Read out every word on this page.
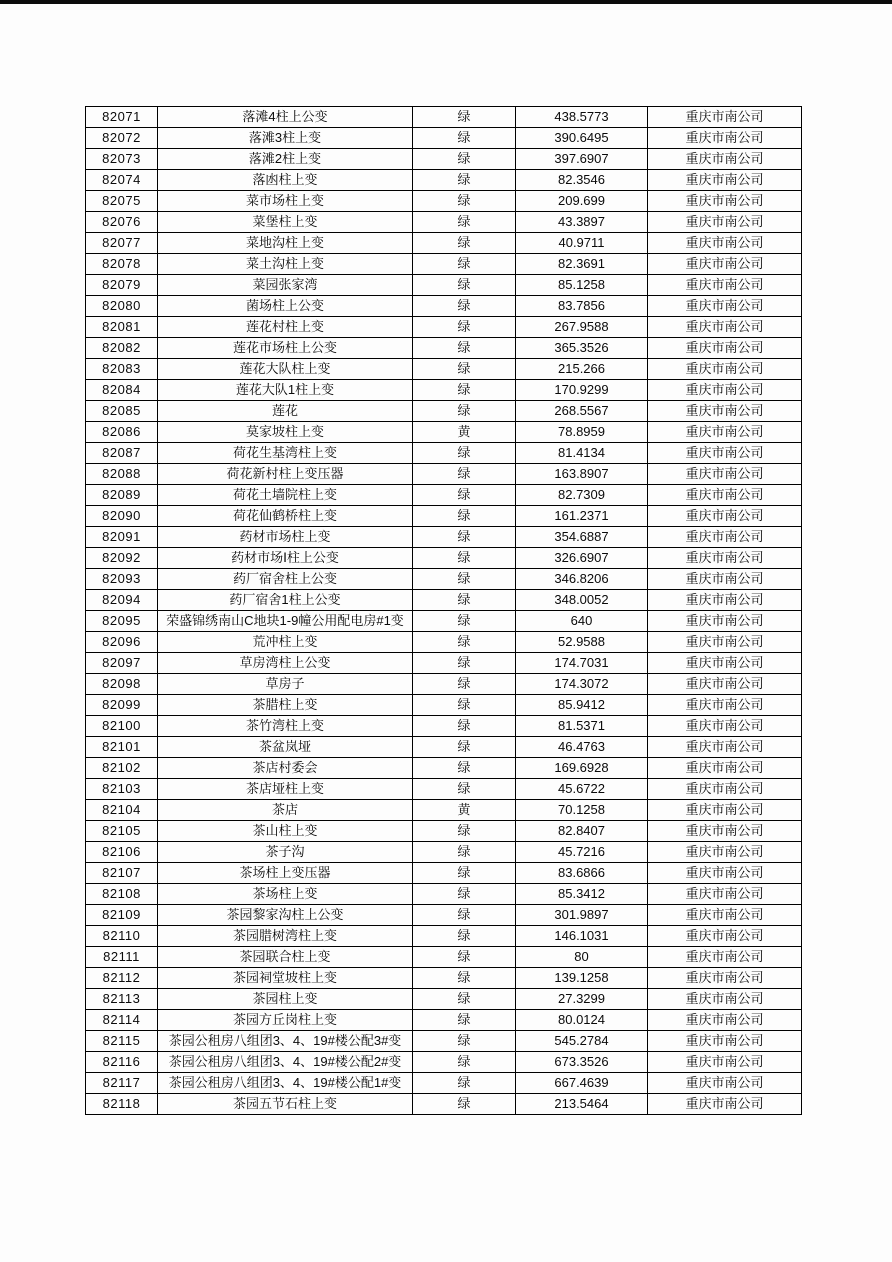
82071	落滩4柱上公变	绿	438.5773	重庆市南公司
82072	落滩3柱上变	绿	390.6495	重庆市南公司
82073	落滩2柱上变	绿	397.6907	重庆市南公司
82074	落凼柱上变	绿	82.3546	重庆市南公司
82075	菜市场柱上变	绿	209.699	重庆市南公司
82076	菜堡柱上变	绿	43.3897	重庆市南公司
82077	菜地沟柱上变	绿	40.9711	重庆市南公司
82078	菜土沟柱上变	绿	82.3691	重庆市南公司
82079	菜园张家湾	绿	85.1258	重庆市南公司
82080	菌场柱上公变	绿	83.7856	重庆市南公司
82081	莲花村柱上变	绿	267.9588	重庆市南公司
82082	莲花市场柱上公变	绿	365.3526	重庆市南公司
82083	莲花大队柱上变	绿	215.266	重庆市南公司
82084	莲花大队1柱上变	绿	170.9299	重庆市南公司
82085	莲花	绿	268.5567	重庆市南公司
82086	莫家坡柱上变	黄	78.8959	重庆市南公司
82087	荷花生基湾柱上变	绿	81.4134	重庆市南公司
82088	荷花新村柱上变压器	绿	163.8907	重庆市南公司
82089	荷花土墙院柱上变	绿	82.7309	重庆市南公司
82090	荷花仙鹤桥柱上变	绿	161.2371	重庆市南公司
82091	药材市场柱上变	绿	354.6887	重庆市南公司
82092	药材市场Ⅰ柱上公变	绿	326.6907	重庆市南公司
82093	药厂宿舍柱上公变	绿	346.8206	重庆市南公司
82094	药厂宿舍1柱上公变	绿	348.0052	重庆市南公司
82095	荣盛锦绣南山C地块1-9幢公用配电房#1变	绿	640	重庆市南公司
82096	荒冲柱上变	绿	52.9588	重庆市南公司
82097	草房湾柱上公变	绿	174.7031	重庆市南公司
82098	草房子	绿	174.3072	重庆市南公司
82099	茶腊柱上变	绿	85.9412	重庆市南公司
82100	茶竹湾柱上变	绿	81.5371	重庆市南公司
82101	茶盆岚垭	绿	46.4763	重庆市南公司
82102	茶店村委会	绿	169.6928	重庆市南公司
82103	茶店垭柱上变	绿	45.6722	重庆市南公司
82104	茶店	黄	70.1258	重庆市南公司
82105	茶山柱上变	绿	82.8407	重庆市南公司
82106	茶子沟	绿	45.7216	重庆市南公司
82107	茶场柱上变压器	绿	83.6866	重庆市南公司
82108	茶场柱上变	绿	85.3412	重庆市南公司
82109	茶园黎家沟柱上公变	绿	301.9897	重庆市南公司
82110	茶园腊树湾柱上变	绿	146.1031	重庆市南公司
82111	茶园联合柱上变	绿	80	重庆市南公司
82112	茶园祠堂坡柱上变	绿	139.1258	重庆市南公司
82113	茶园柱上变	绿	27.3299	重庆市南公司
82114	茶园方丘岗柱上变	绿	80.0124	重庆市南公司
82115	茶园公租房八组团3、4、19#楼公配3#变	绿	545.2784	重庆市南公司
82116	茶园公租房八组团3、4、19#楼公配2#变	绿	673.3526	重庆市南公司
82117	茶园公租房八组团3、4、19#楼公配1#变	绿	667.4639	重庆市南公司
82118	茶园五节石柱上变	绿	213.5464	重庆市南公司
